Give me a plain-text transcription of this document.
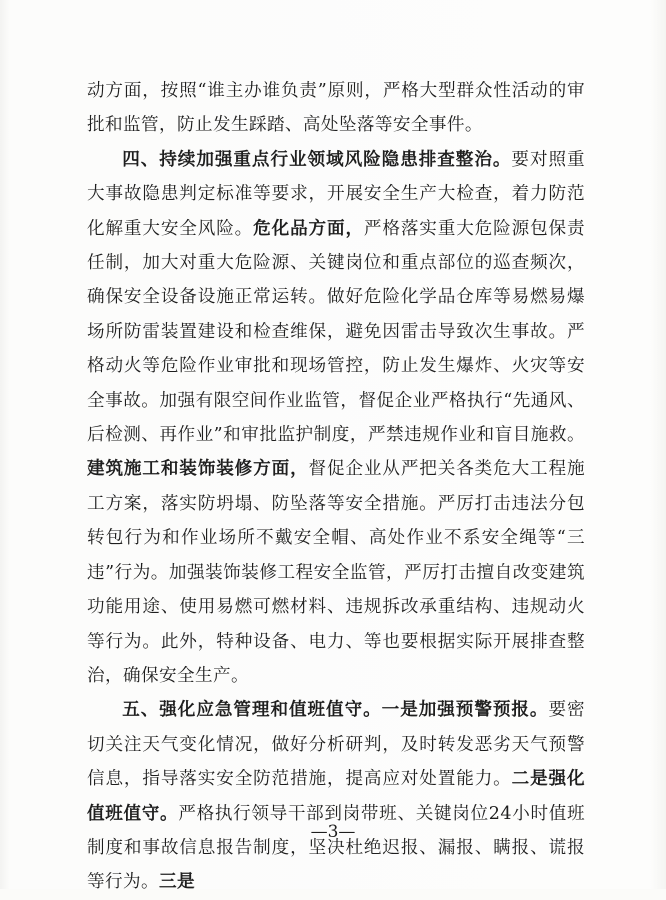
动方面，按照“谁主办谁负责”原则，严格大型群众性活动的审批和监管，防止发生踩踏、高处坠落等安全事件。

四、持续加强重点行业领域风险隐患排查整治。要对照重大事故隐患判定标准等要求，开展安全生产大检查，着力防范化解重大安全风险。危化品方面，严格落实重大危险源包保责任制，加大对重大危险源、关键岗位和重点部位的巡查频次，确保安全设备设施正常运转。做好危险化学品仓库等易燃易爆场所防雷装置建设和检查维保，避免因雷击导致次生事故。严格动火等危险作业审批和现场管控，防止发生爆炸、火灾等安全事故。加强有限空间作业监管，督促企业严格执行“先通风、后检测、再作业”和审批监护制度，严禁违规作业和盲目施救。建筑施工和装饰装修方面，督促企业从严把关各类危大工程施工方案，落实防坍塌、防坠落等安全措施。严厉打击违法分包转包行为和作业场所不戴安全帽、高处作业不系安全绳等“三违”行为。加强装饰装修工程安全监管，严厉打击擅自改变建筑功能用途、使用易燃可燃材料、违规拆改承重结构、违规动火等行为。此外，特种设备、电力、等也要根据实际开展排查整治，确保安全生产。

五、强化应急管理和值班值守。一是加强预警预报。要密切关注天气变化情况，做好分析研判，及时转发恶劣天气预警信息，指导落实安全防范措施，提高应对处置能力。二是强化值班值守。严格执行领导干部到岗带班、关键岗位24小时值班制度和事故信息报告制度，坚决杜绝迟报、漏报、瞒报、谎报等行为。三是

—3—
